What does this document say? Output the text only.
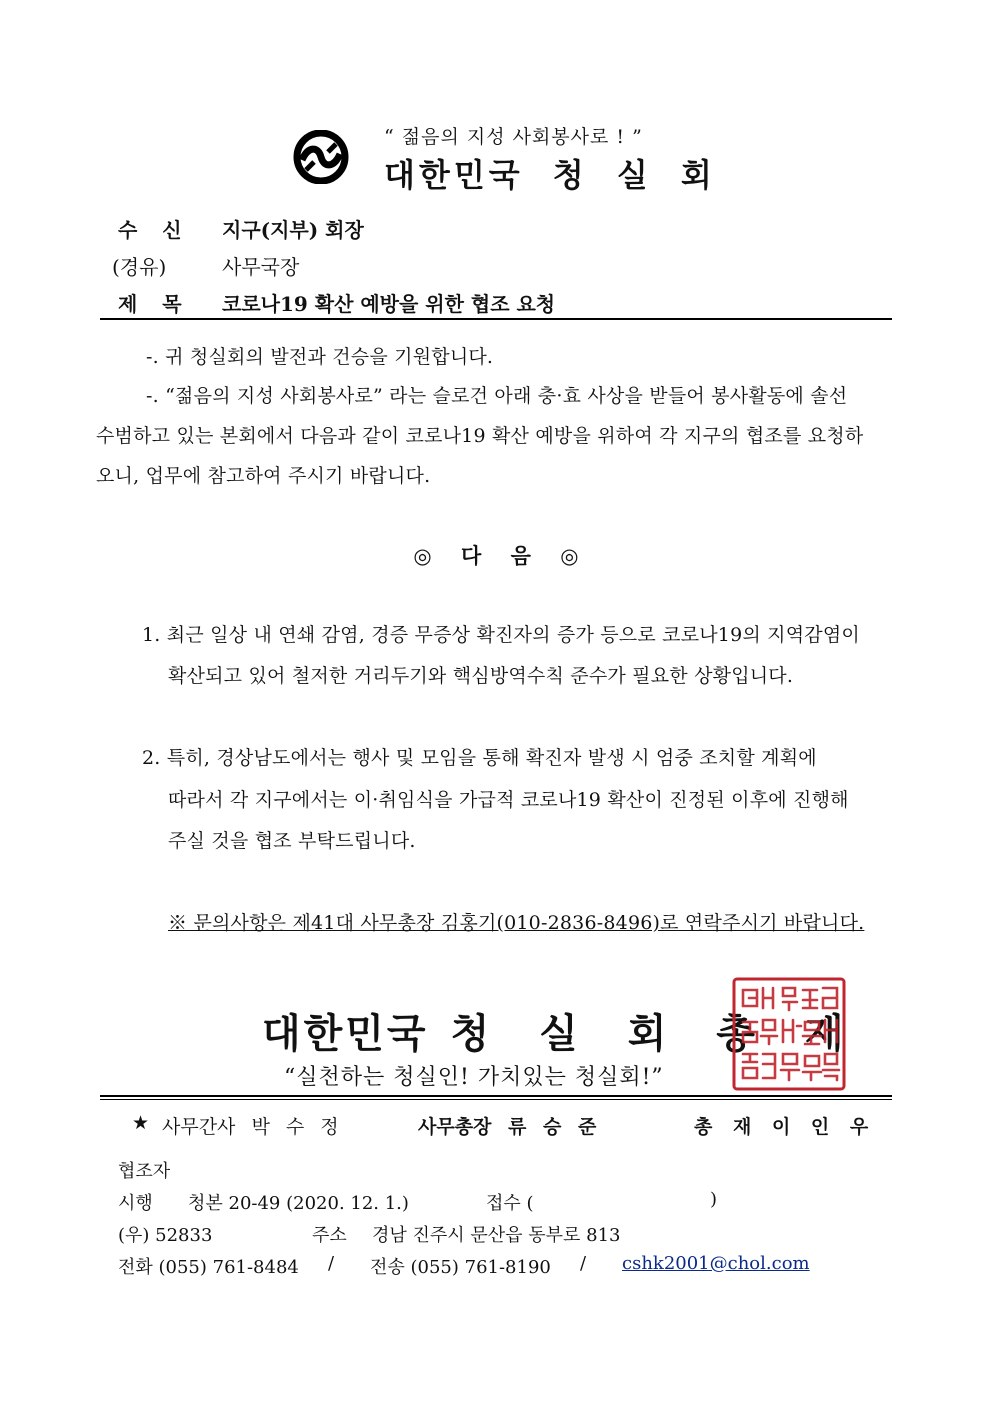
“ 젊음의 지성 사회봉사로 ! ”
대한민국 청 실 회
수 신 지구(지부) 회장
(경유)	사무국장
제 목 코로나19 확산 예방을 위한 협조 요청
-. 귀 청실회의 발전과 건승을 기원합니다.
-. “젊음의 지성 사회봉사로” 라는 슬로건 아래 충·효 사상을 받들어 봉사활동에 솔선
수범하고 있는 본회에서 다음과 같이 코로나19 확산 예방을 위하여 각 지구의 협조를 요청하
오니, 업무에 참고하여 주시기 바랍니다.
◎ 다 음 ◎
1. 최근 일상 내 연쇄 감염, 경증 무증상 확진자의 증가 등으로 코로나19의 지역감염이
확산되고 있어 철저한 거리두기와 핵심방역수칙 준수가 필요한 상황입니다.
2. 특히, 경상남도에서는 행사 및 모임을 통해 확진자 발생 시 엄중 조치할 계획에
따라서 각 지구에서는 이·취임식을 가급적 코로나19 확산이 진정된 이후에 진행해
주실 것을 협조 부탁드립니다.
※ 문의사항은 제41대 사무총장 김홍기(010-2836-8496)로 연락주시기 바랍니다.
대한민국 청 실 회 총 재
“실천하는 청실인! 가치있는 청실회!”
★ 사무간사 박 수 정	사무총장 류 승 준	총 재 이 인 우
협조자
시행 청본 20-49 (2020. 12. 1.)	접수 (	)
(우) 52833	주소 경남 진주시 문산읍 동부로 813
전화 (055) 761-8484 / 전송 (055) 761-8190 / cshk2001@chol.com
